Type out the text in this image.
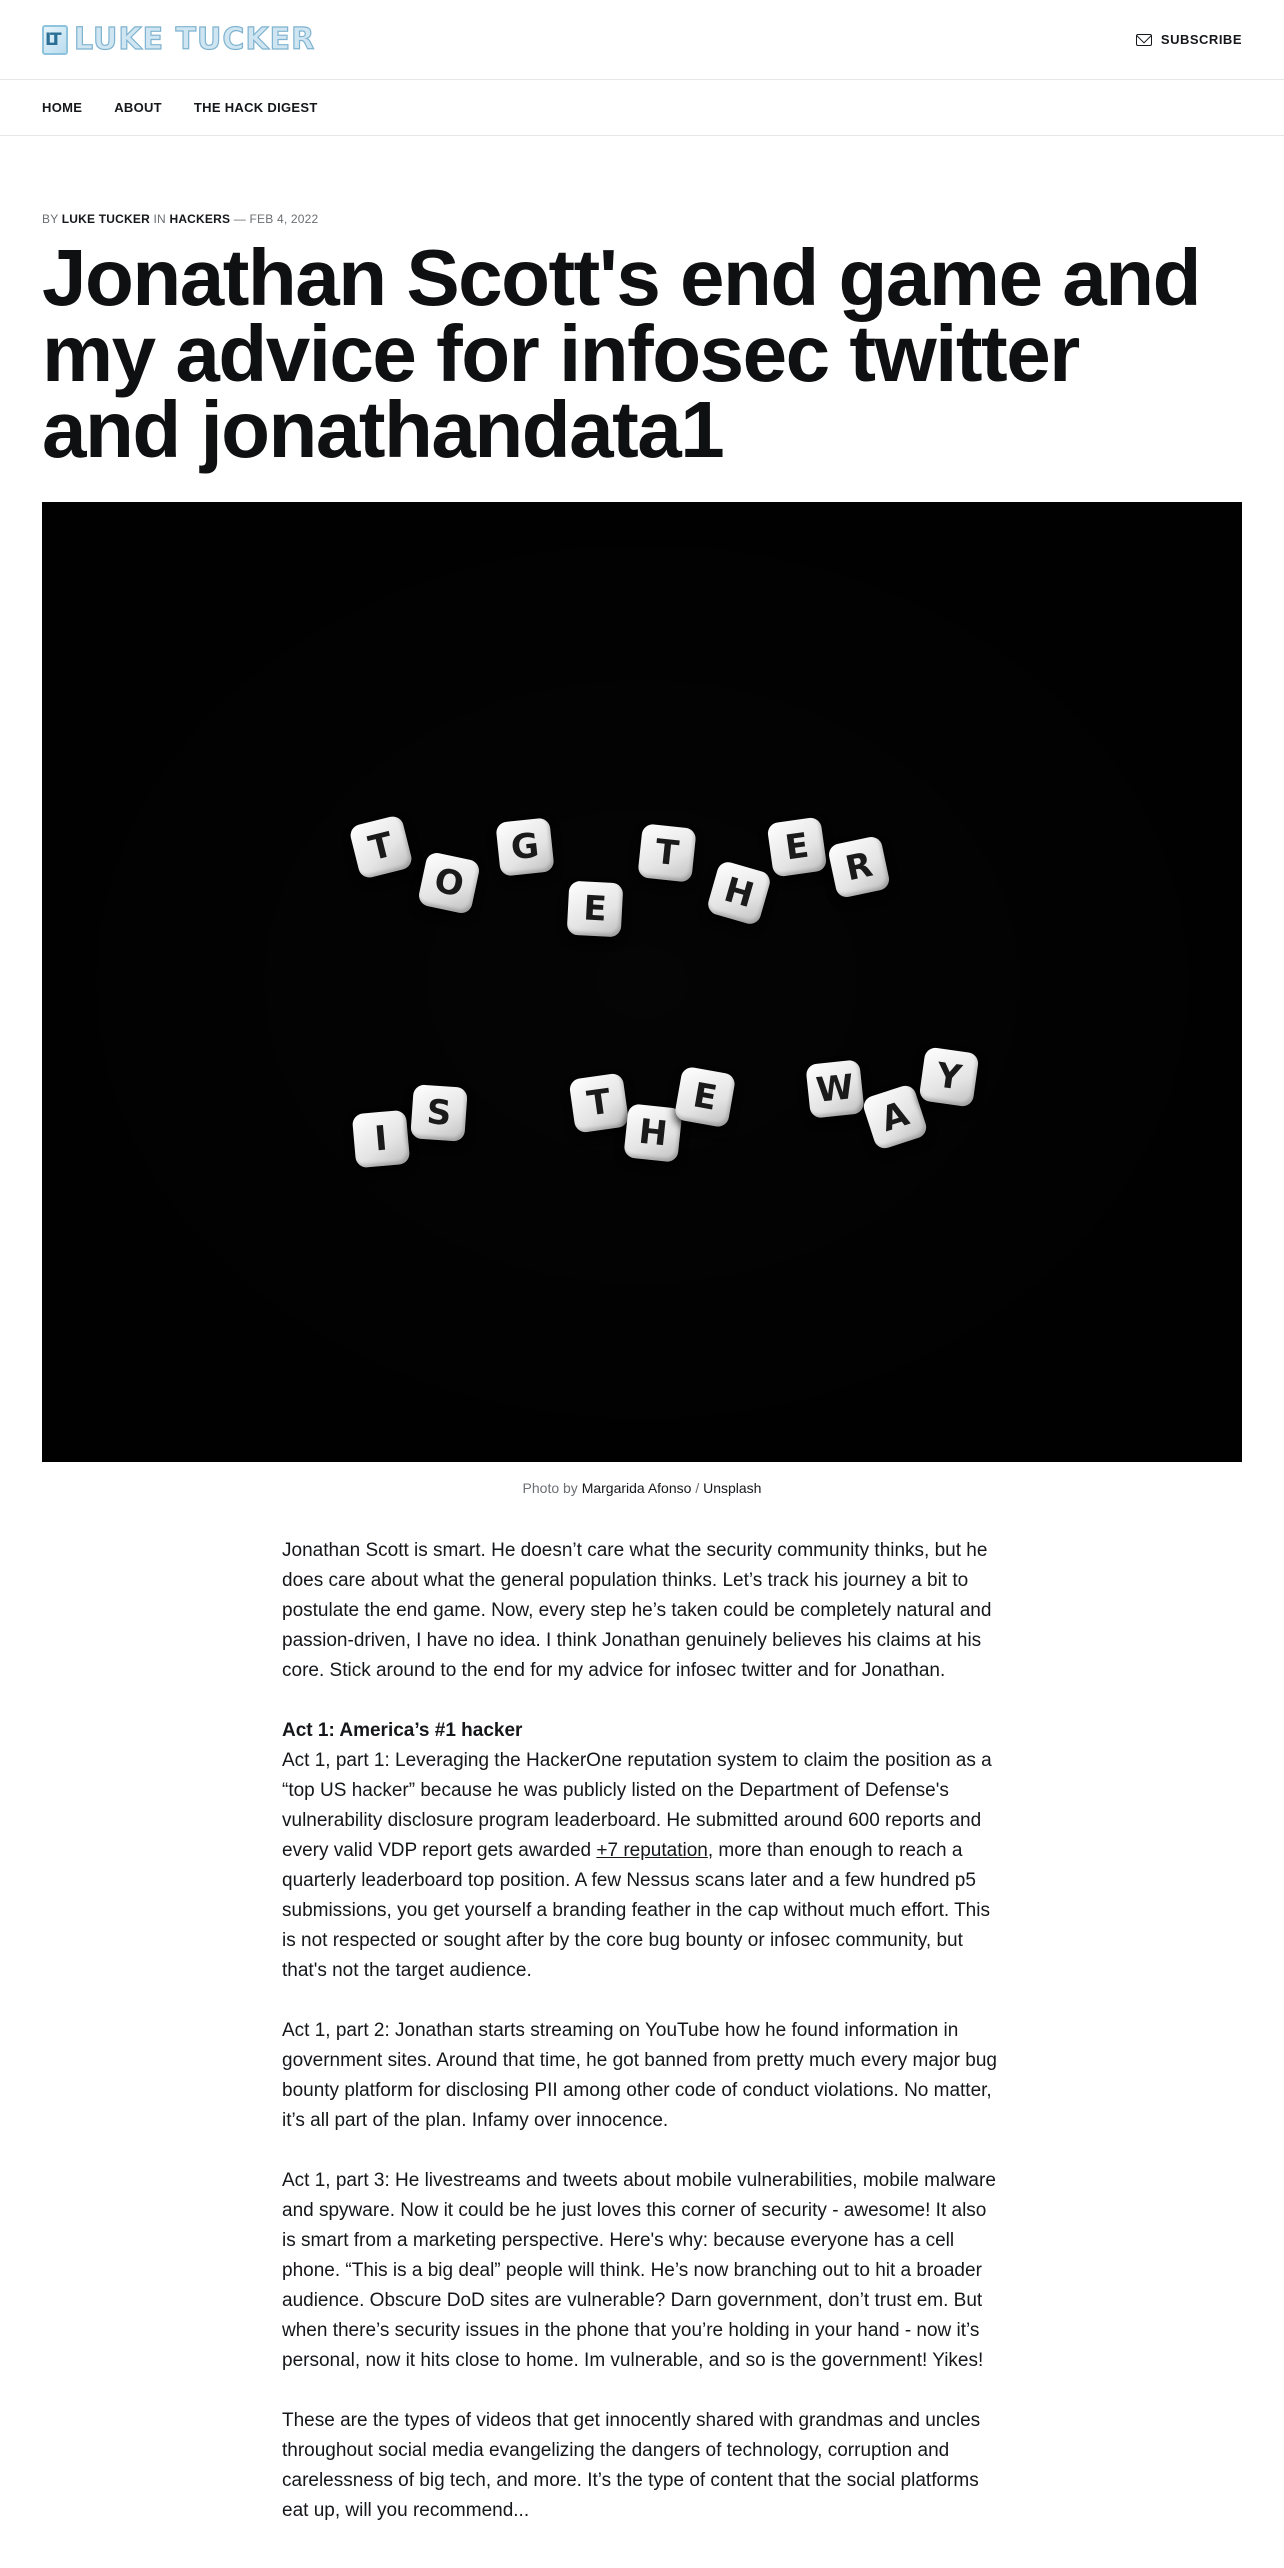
LT
LUKE TUCKER	SUBSCRIBE
HOME ABOUT THE HACK DIGEST
BY LUKE TUCKER IN HACKERS — FEB 4, 2022
Jonathan Scott's end game and my advice for infosec twitter and jonathandata1
T
O
G
E
T
H
E R
I
S	T
H
E	W
A
Y
Photo by Margarida Afonso / Unsplash

Jonathan Scott is smart. He doesn’t care what the security community thinks, but he does care about what the general population thinks. Let’s track his journey a bit to postulate the end game. Now, every step he’s taken could be completely natural and passion-driven, I have no idea. I think Jonathan genuinely believes his claims at his core. Stick around to the end for my advice for infosec twitter and for Jonathan.

Act 1: America’s #1 hacker
Act 1, part 1: Leveraging the HackerOne reputation system to claim the position as a “top US hacker” because he was publicly listed on the Department of Defense's vulnerability disclosure program leaderboard. He submitted around 600 reports and every valid VDP report gets awarded +7 reputation, more than enough to reach a quarterly leaderboard top position. A few Nessus scans later and a few hundred p5 submissions, you get yourself a branding feather in the cap without much effort. This is not respected or sought after by the core bug bounty or infosec community, but that's not the target audience.

Act 1, part 2: Jonathan starts streaming on YouTube how he found information in government sites. Around that time, he got banned from pretty much every major bug bounty platform for disclosing PII among other code of conduct violations. No matter, it’s all part of the plan. Infamy over innocence.

Act 1, part 3: He livestreams and tweets about mobile vulnerabilities, mobile malware and spyware. Now it could be he just loves this corner of security - awesome! It also is smart from a marketing perspective. Here's why: because everyone has a cell phone. “This is a big deal” people will think. He’s now branching out to hit a broader audience. Obscure DoD sites are vulnerable? Darn government, don’t trust em. But when there’s security issues in the phone that you’re holding in your hand - now it’s personal, now it hits close to home. Im vulnerable, and so is the government! Yikes!

These are the types of videos that get innocently shared with grandmas and uncles throughout social media evangelizing the dangers of technology, corruption and carelessness of big tech, and more. It’s the type of content that the social platforms eat up, will you recommend...
